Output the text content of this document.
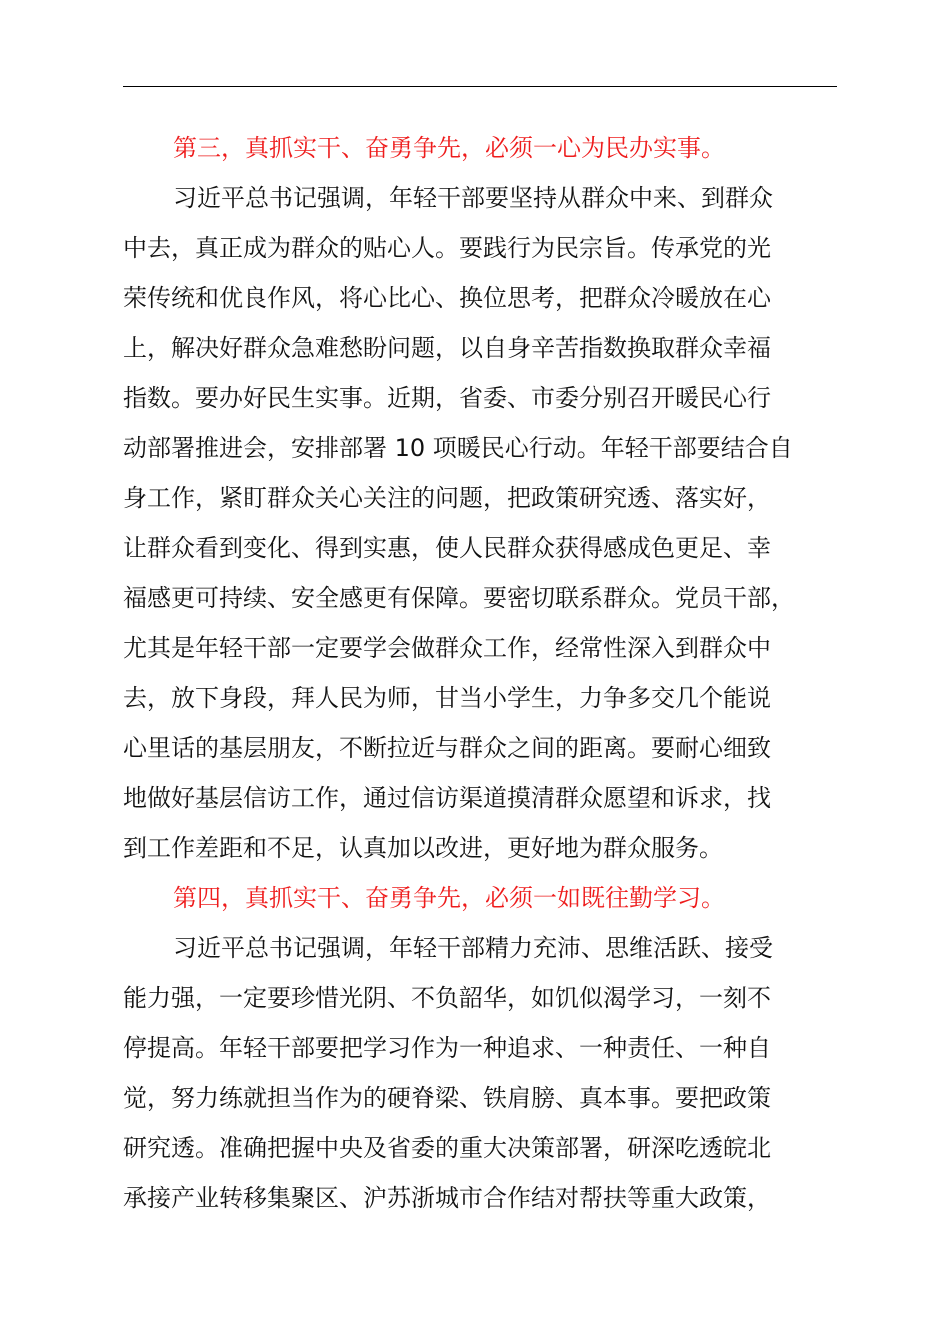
第三，真抓实干、奋勇争先，必须一心为民办实事。

习近平总书记强调，年轻干部要坚持从群众中来、到群众
中去，真正成为群众的贴心人。要践行为民宗旨。传承党的光
荣传统和优良作风，将心比心、换位思考，把群众冷暖放在心
上，解决好群众急难愁盼问题，以自身辛苦指数换取群众幸福
指数。要办好民生实事。近期，省委、市委分别召开暖民心行
动部署推进会，安排部署 10 项暖民心行动。年轻干部要结合自
身工作，紧盯群众关心关注的问题，把政策研究透、落实好，
让群众看到变化、得到实惠，使人民群众获得感成色更足、幸
福感更可持续、安全感更有保障。要密切联系群众。党员干部，
尤其是年轻干部一定要学会做群众工作，经常性深入到群众中
去，放下身段，拜人民为师，甘当小学生，力争多交几个能说
心里话的基层朋友，不断拉近与群众之间的距离。要耐心细致
地做好基层信访工作，通过信访渠道摸清群众愿望和诉求，找
到工作差距和不足，认真加以改进，更好地为群众服务。

第四，真抓实干、奋勇争先，必须一如既往勤学习。

习近平总书记强调，年轻干部精力充沛、思维活跃、接受
能力强，一定要珍惜光阴、不负韶华，如饥似渴学习，一刻不
停提高。年轻干部要把学习作为一种追求、一种责任、一种自
觉，努力练就担当作为的硬脊梁、铁肩膀、真本事。要把政策
研究透。准确把握中央及省委的重大决策部署，研深吃透皖北
承接产业转移集聚区、沪苏浙城市合作结对帮扶等重大政策，
